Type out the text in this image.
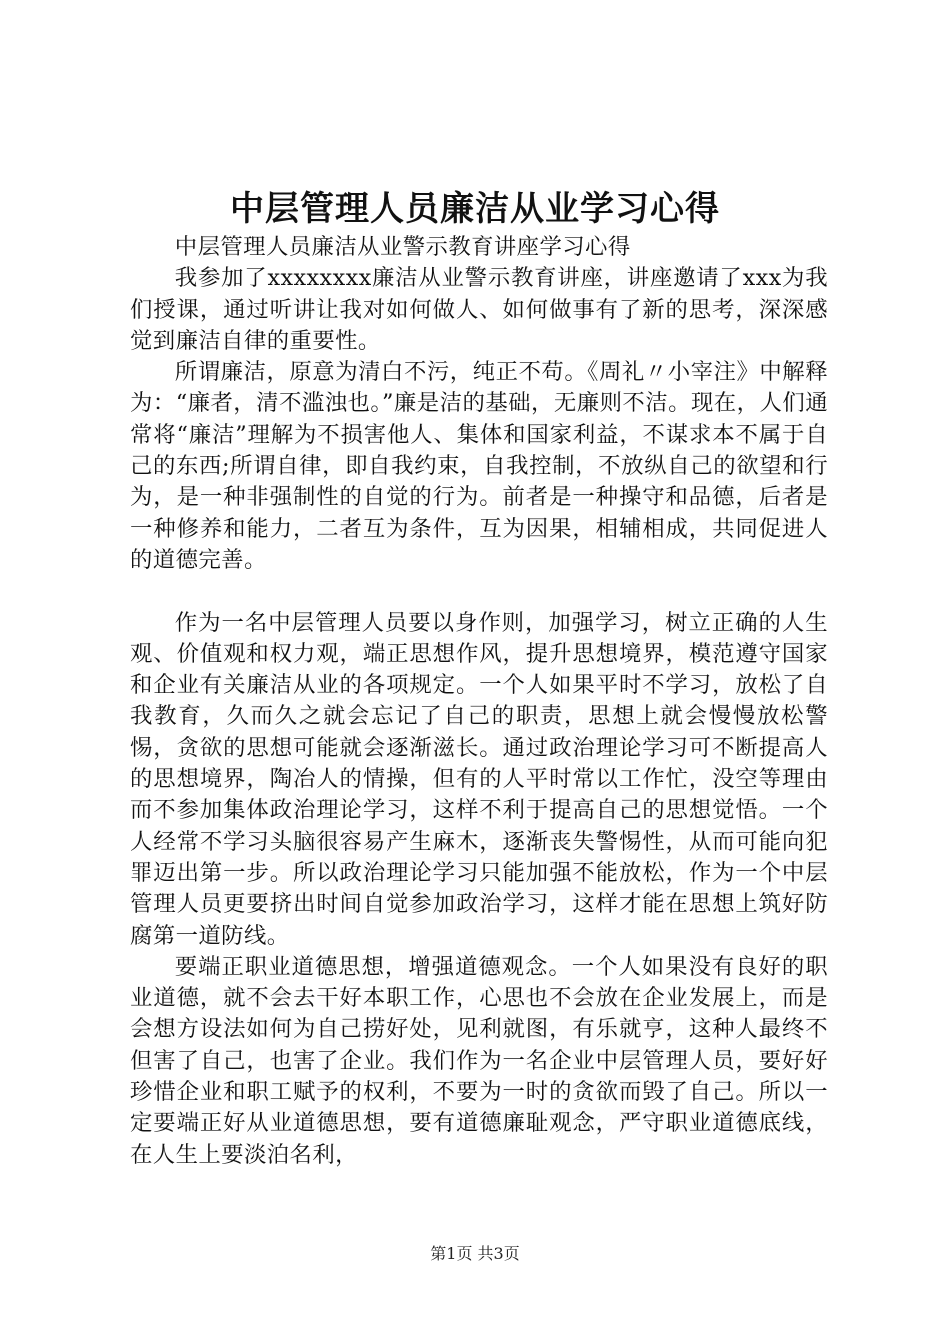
中层管理人员廉洁从业学习心得

中层管理人员廉洁从业警示教育讲座学习心得

我参加了xxxxxxxx廉洁从业警示教育讲座，讲座邀请了xxx为我们授课，通过听讲让我对如何做人、如何做事有了新的思考，深深感觉到廉洁自律的重要性。

所谓廉洁，原意为清白不污，纯正不苟。《周礼〃小宰注》中解释为：“廉者，清不滥浊也。”廉是洁的基础，无廉则不洁。现在，人们通常将“廉洁”理解为不损害他人、集体和国家利益，不谋求本不属于自己的东西;所谓自律，即自我约束，自我控制，不放纵自己的欲望和行为，是一种非强制性的自觉的行为。前者是一种操守和品德，后者是一种修养和能力，二者互为条件，互为因果，相辅相成，共同促进人的道德完善。

作为一名中层管理人员要以身作则，加强学习，树立正确的人生观、价值观和权力观，端正思想作风，提升思想境界，模范遵守国家和企业有关廉洁从业的各项规定。一个人如果平时不学习，放松了自我教育，久而久之就会忘记了自己的职责，思想上就会慢慢放松警惕，贪欲的思想可能就会逐渐滋长。通过政治理论学习可不断提高人的思想境界，陶冶人的情操，但有的人平时常以工作忙，没空等理由而不参加集体政治理论学习，这样不利于提高自己的思想觉悟。一个人经常不学习头脑很容易产生麻木，逐渐丧失警惕性，从而可能向犯罪迈出第一步。所以政治理论学习只能加强不能放松，作为一个中层管理人员更要挤出时间自觉参加政治学习，这样才能在思想上筑好防腐第一道防线。

要端正职业道德思想，增强道德观念。一个人如果没有良好的职业道德，就不会去干好本职工作，心思也不会放在企业发展上，而是会想方设法如何为自己捞好处，见利就图，有乐就亨，这种人最终不但害了自己，也害了企业。我们作为一名企业中层管理人员，要好好珍惜企业和职工赋予的权利，不要为一时的贪欲而毁了自己。所以一定要端正好从业道德思想，要有道德廉耻观念，严守职业道德底线，在人生上要淡泊名利，

第1页 共3页
